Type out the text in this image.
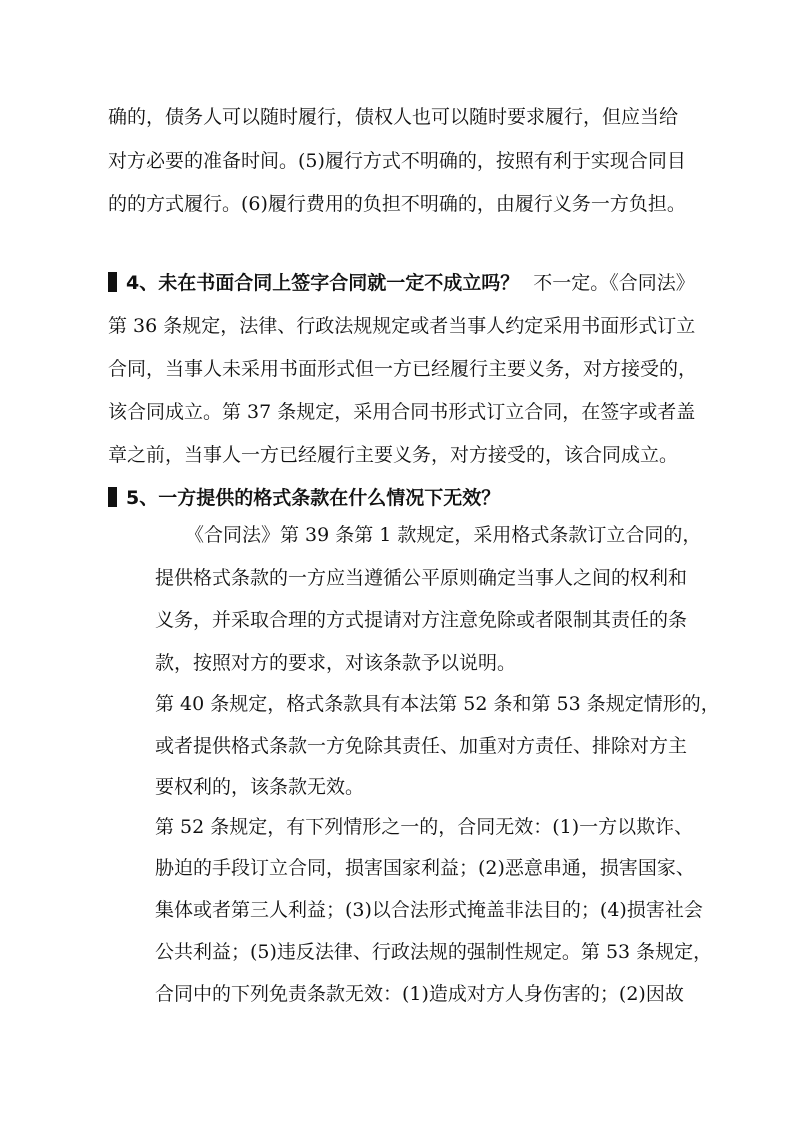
确的，债务人可以随时履行，债权人也可以随时要求履行，但应当给

对方必要的准备时间。(5)履行方式不明确的，按照有利于实现合同目

的的方式履行。(6)履行费用的负担不明确的，由履行义务一方负担。

4、未在书面合同上签字合同就一定不成立吗？ 不一定。《合同法》

第 36 条规定，法律、行政法规规定或者当事人约定采用书面形式订立

合同，当事人未采用书面形式但一方已经履行主要义务，对方接受的，

该合同成立。第 37 条规定，采用合同书形式订立合同，在签字或者盖

章之前，当事人一方已经履行主要义务，对方接受的，该合同成立。

5、一方提供的格式条款在什么情况下无效？

《合同法》第 39 条第 1 款规定，采用格式条款订立合同的，

提供格式条款的一方应当遵循公平原则确定当事人之间的权利和

义务，并采取合理的方式提请对方注意免除或者限制其责任的条

款，按照对方的要求，对该条款予以说明。

第 40 条规定，格式条款具有本法第 52 条和第 53 条规定情形的，

或者提供格式条款一方免除其责任、加重对方责任、排除对方主

要权利的，该条款无效。

第 52 条规定，有下列情形之一的，合同无效：(1)一方以欺诈、

胁迫的手段订立合同，损害国家利益；(2)恶意串通，损害国家、

集体或者第三人利益；(3)以合法形式掩盖非法目的；(4)损害社会

公共利益；(5)违反法律、行政法规的强制性规定。第 53 条规定，

合同中的下列免责条款无效：(1)造成对方人身伤害的；(2)因故
